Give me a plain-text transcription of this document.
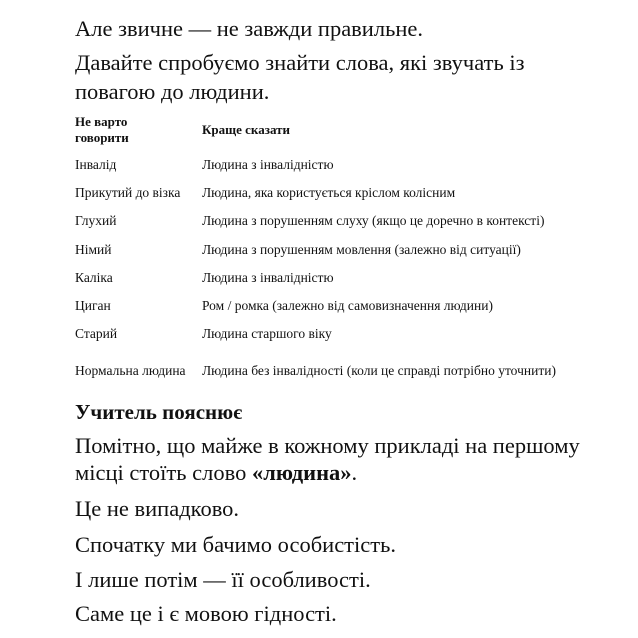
Але звичне — не завжди правильне.
Давайте спробуємо знайти слова, які звучать із
повагою до людини.
Не варто
говорити	Краще сказати
Інвалід	Людина з інвалідністю
Прикутий до візка	Людина, яка користується кріслом колісним
Глухий	Людина з порушенням слуху (якщо це доречно в контексті)
Німий	Людина з порушенням мовлення (залежно від ситуації)
Каліка	Людина з інвалідністю
Циган	Ром / ромка (залежно від самовизначення людини)
Старий	Людина старшого віку
Нормальна людина	Людина без інвалідності (коли це справді потрібно уточнити)
Учитель пояснює
Помітно, що майже в кожному прикладі на першому
місці стоїть слово «людина».
Це не випадково.
Спочатку ми бачимо особистість.
І лише потім — її особливості.
Саме це і є мовою гідності.
